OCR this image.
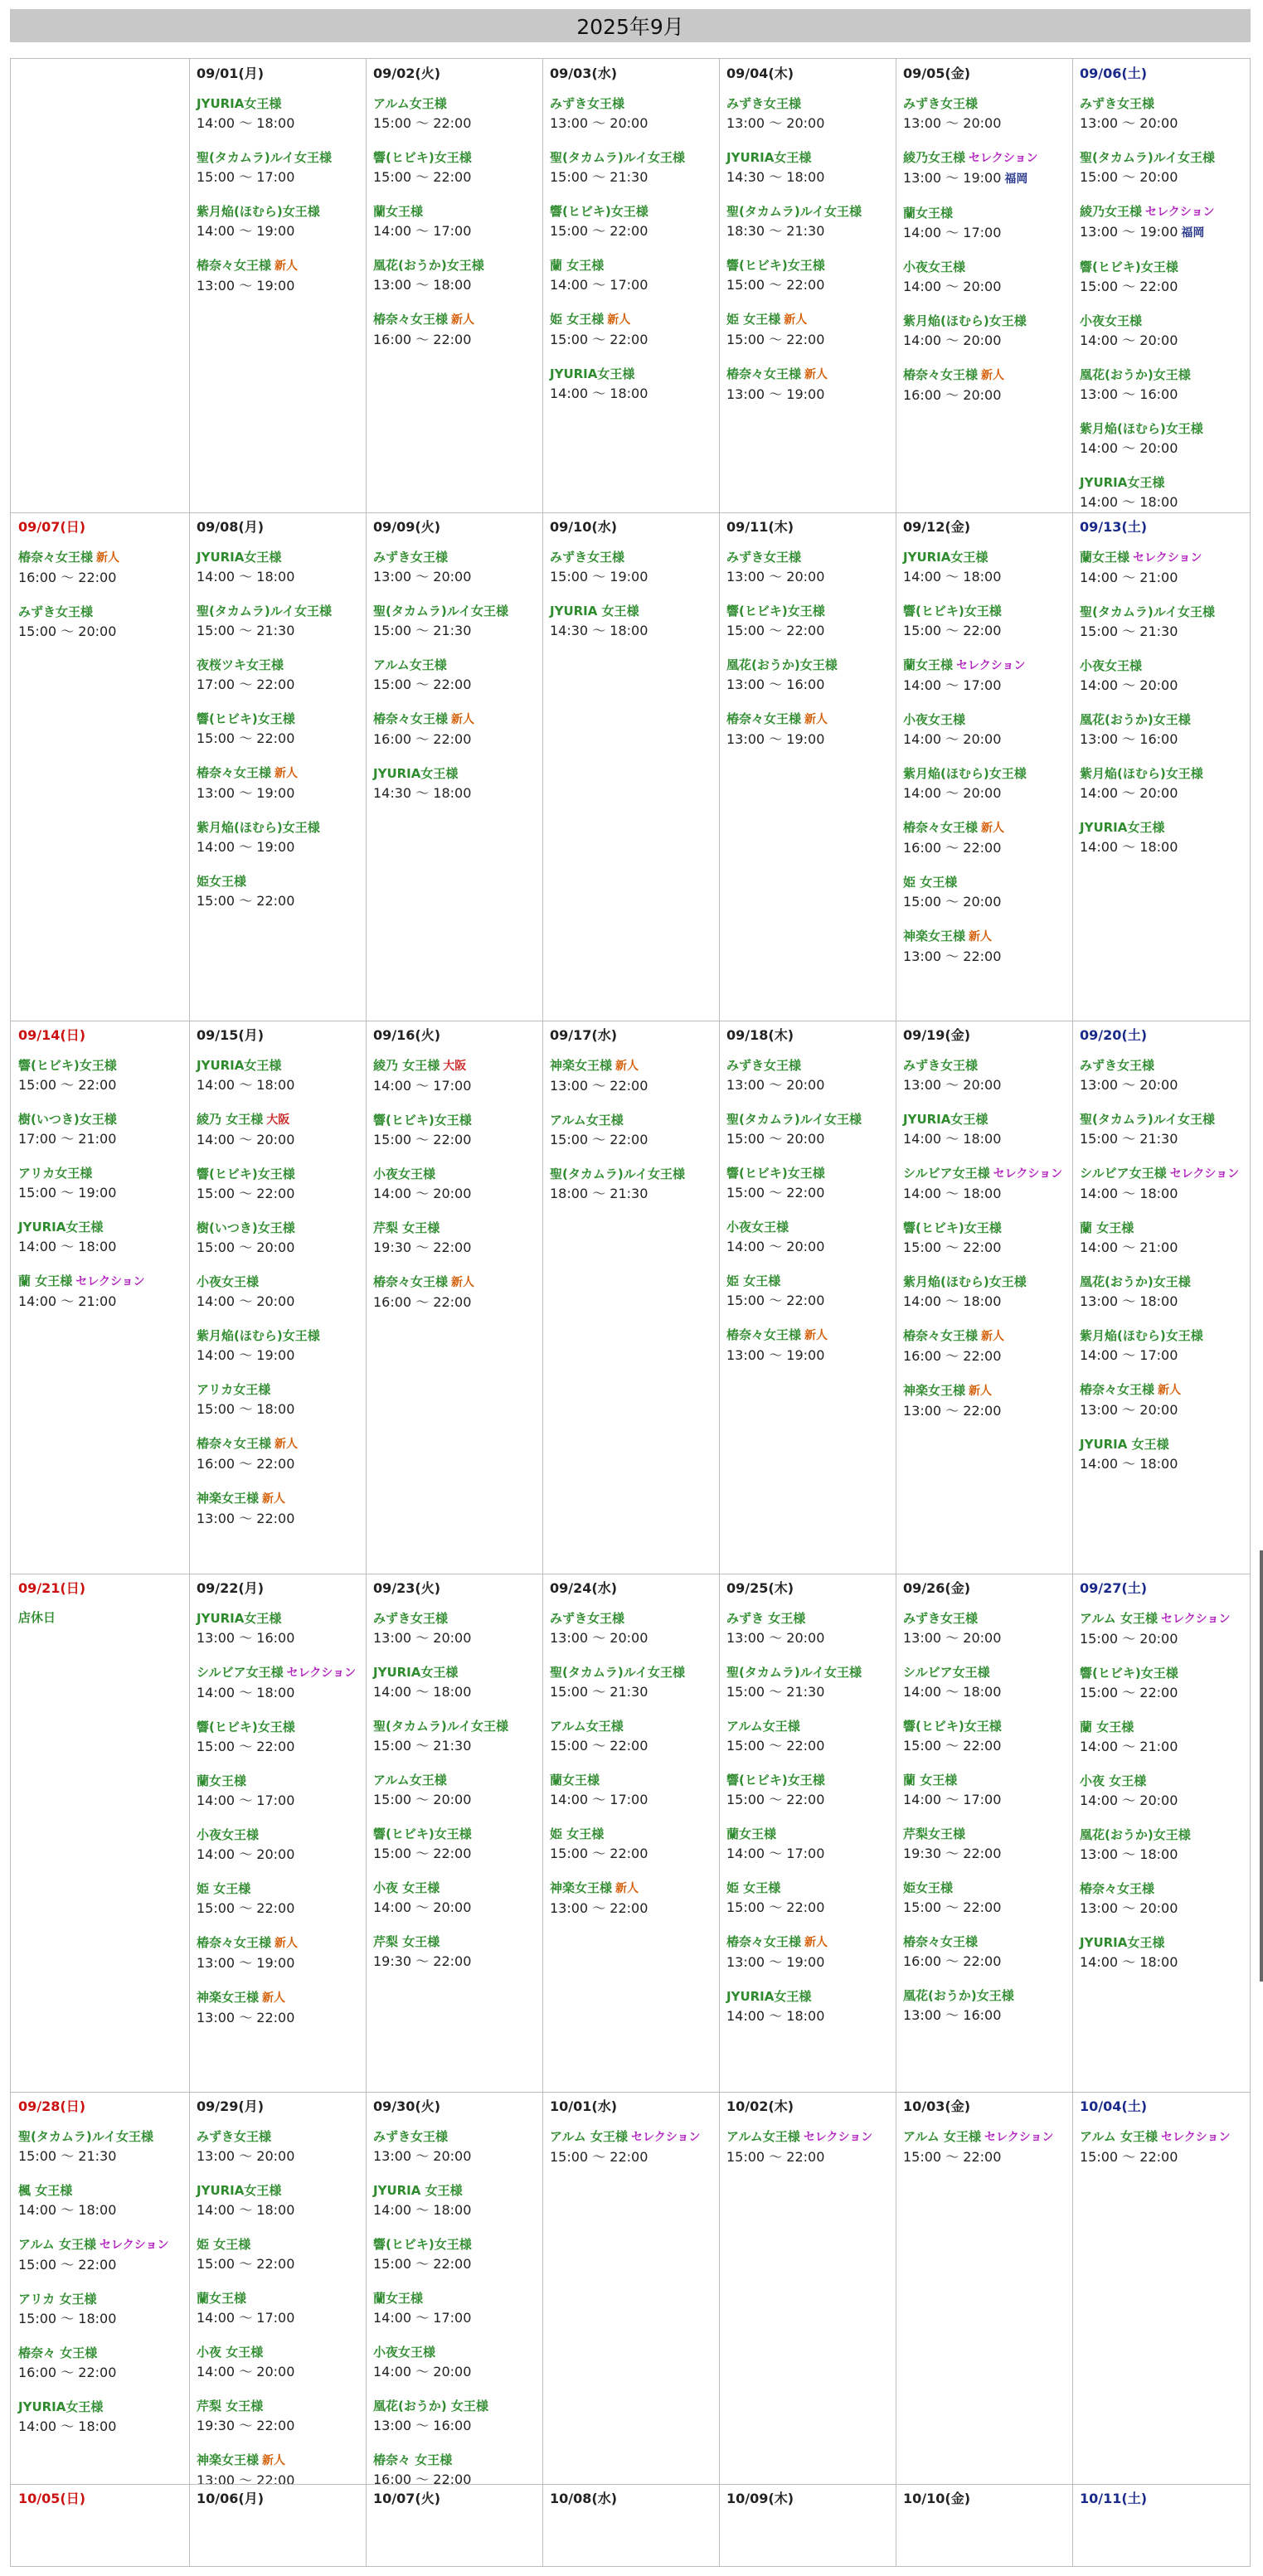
2025年9月

09/01(月)
JYURIA女王様
14:00 ～ 18:00
聖(タカムラ)ルイ女王様
15:00 ～ 17:00
紫月焔(ほむら)女王様
14:00 ～ 19:00
椿奈々女王様 新人
13:00 ～ 19:00
09/02(火)
アルム女王様
15:00 ～ 22:00
響(ヒビキ)女王様
15:00 ～ 22:00
蘭女王様
14:00 ～ 17:00
凰花(おうか)女王様
13:00 ～ 18:00
椿奈々女王様 新人
16:00 ～ 22:00
09/03(水)
みずき女王様
13:00 ～ 20:00
聖(タカムラ)ルイ女王様
15:00 ～ 21:30
響(ヒビキ)女王様
15:00 ～ 22:00
蘭 女王様
14:00 ～ 17:00
姫 女王様 新人
15:00 ～ 22:00
JYURIA女王様
14:00 ～ 18:00
09/04(木)
みずき女王様
13:00 ～ 20:00
JYURIA女王様
14:30 ～ 18:00
聖(タカムラ)ルイ女王様
18:30 ～ 21:30
響(ヒビキ)女王様
15:00 ～ 22:00
姫 女王様 新人
15:00 ～ 22:00
椿奈々女王様 新人
13:00 ～ 19:00
09/05(金)
みずき女王様
13:00 ～ 20:00
綾乃女王様 セレクション
13:00 ～ 19:00 福岡
蘭女王様
14:00 ～ 17:00
小夜女王様
14:00 ～ 20:00
紫月焔(ほむら)女王様
14:00 ～ 20:00
椿奈々女王様 新人
16:00 ～ 20:00
09/06(土)
みずき女王様
13:00 ～ 20:00
聖(タカムラ)ルイ女王様
15:00 ～ 20:00
綾乃女王様 セレクション
13:00 ～ 19:00 福岡
響(ヒビキ)女王様
15:00 ～ 22:00
小夜女王様
14:00 ～ 20:00
凰花(おうか)女王様
13:00 ～ 16:00
紫月焔(ほむら)女王様
14:00 ～ 20:00
JYURIA女王様
14:00 ～ 18:00
09/07(日)
椿奈々女王様 新人
16:00 ～ 22:00
みずき女王様
15:00 ～ 20:00
09/08(月)
JYURIA女王様
14:00 ～ 18:00
聖(タカムラ)ルイ女王様
15:00 ～ 21:30
夜桜ツキ女王様
17:00 ～ 22:00
響(ヒビキ)女王様
15:00 ～ 22:00
椿奈々女王様 新人
13:00 ～ 19:00
紫月焔(ほむら)女王様
14:00 ～ 19:00
姫女王様
15:00 ～ 22:00
09/09(火)
みずき女王様
13:00 ～ 20:00
聖(タカムラ)ルイ女王様
15:00 ～ 21:30
アルム女王様
15:00 ～ 22:00
椿奈々女王様 新人
16:00 ～ 22:00
JYURIA女王様
14:30 ～ 18:00
09/10(水)
みずき女王様
15:00 ～ 19:00
JYURIA 女王様
14:30 ～ 18:00
09/11(木)
みずき女王様
13:00 ～ 20:00
響(ヒビキ)女王様
15:00 ～ 22:00
凰花(おうか)女王様
13:00 ～ 16:00
椿奈々女王様 新人
13:00 ～ 19:00
09/12(金)
JYURIA女王様
14:00 ～ 18:00
響(ヒビキ)女王様
15:00 ～ 22:00
蘭女王様 セレクション
14:00 ～ 17:00
小夜女王様
14:00 ～ 20:00
紫月焔(ほむら)女王様
14:00 ～ 20:00
椿奈々女王様 新人
16:00 ～ 22:00
姫 女王様
15:00 ～ 20:00
神楽女王様 新人
13:00 ～ 22:00
09/13(土)
蘭女王様 セレクション
14:00 ～ 21:00
聖(タカムラ)ルイ女王様
15:00 ～ 21:30
小夜女王様
14:00 ～ 20:00
凰花(おうか)女王様
13:00 ～ 16:00
紫月焔(ほむら)女王様
14:00 ～ 20:00
JYURIA女王様
14:00 ～ 18:00
09/14(日)
響(ヒビキ)女王様
15:00 ～ 22:00
樹(いつき)女王様
17:00 ～ 21:00
アリカ女王様
15:00 ～ 19:00
JYURIA女王様
14:00 ～ 18:00
蘭 女王様 セレクション
14:00 ～ 21:00
09/15(月)
JYURIA女王様
14:00 ～ 18:00
綾乃 女王様 大阪
14:00 ～ 20:00
響(ヒビキ)女王様
15:00 ～ 22:00
樹(いつき)女王様
15:00 ～ 20:00
小夜女王様
14:00 ～ 20:00
紫月焔(ほむら)女王様
14:00 ～ 19:00
アリカ女王様
15:00 ～ 18:00
椿奈々女王様 新人
16:00 ～ 22:00
神楽女王様 新人
13:00 ～ 22:00
09/16(火)
綾乃 女王様 大阪
14:00 ～ 17:00
響(ヒビキ)女王様
15:00 ～ 22:00
小夜女王様
14:00 ～ 20:00
芹梨 女王様
19:30 ～ 22:00
椿奈々女王様 新人
16:00 ～ 22:00
09/17(水)
神楽女王様 新人
13:00 ～ 22:00
アルム女王様
15:00 ～ 22:00
聖(タカムラ)ルイ女王様
18:00 ～ 21:30
09/18(木)
みずき女王様
13:00 ～ 20:00
聖(タカムラ)ルイ女王様
15:00 ～ 20:00
響(ヒビキ)女王様
15:00 ～ 22:00
小夜女王様
14:00 ～ 20:00
姫 女王様
15:00 ～ 22:00
椿奈々女王様 新人
13:00 ～ 19:00
09/19(金)
みずき女王様
13:00 ～ 20:00
JYURIA女王様
14:00 ～ 18:00
シルビア女王様 セレクション
14:00 ～ 18:00
響(ヒビキ)女王様
15:00 ～ 22:00
紫月焔(ほむら)女王様
14:00 ～ 18:00
椿奈々女王様 新人
16:00 ～ 22:00
神楽女王様 新人
13:00 ～ 22:00
09/20(土)
みずき女王様
13:00 ～ 20:00
聖(タカムラ)ルイ女王様
15:00 ～ 21:30
シルビア女王様 セレクション
14:00 ～ 18:00
蘭 女王様
14:00 ～ 21:00
凰花(おうか)女王様
13:00 ～ 18:00
紫月焔(ほむら)女王様
14:00 ～ 17:00
椿奈々女王様 新人
13:00 ～ 20:00
JYURIA 女王様
14:00 ～ 18:00
09/21(日)
店休日
09/22(月)
JYURIA女王様
13:00 ～ 16:00
シルビア女王様 セレクション
14:00 ～ 18:00
響(ヒビキ)女王様
15:00 ～ 22:00
蘭女王様
14:00 ～ 17:00
小夜女王様
14:00 ～ 20:00
姫 女王様
15:00 ～ 22:00
椿奈々女王様 新人
13:00 ～ 19:00
神楽女王様 新人
13:00 ～ 22:00
09/23(火)
みずき女王様
13:00 ～ 20:00
JYURIA女王様
14:00 ～ 18:00
聖(タカムラ)ルイ女王様
15:00 ～ 21:30
アルム女王様
15:00 ～ 20:00
響(ヒビキ)女王様
15:00 ～ 22:00
小夜 女王様
14:00 ～ 20:00
芹梨 女王様
19:30 ～ 22:00
09/24(水)
みずき女王様
13:00 ～ 20:00
聖(タカムラ)ルイ女王様
15:00 ～ 21:30
アルム女王様
15:00 ～ 22:00
蘭女王様
14:00 ～ 17:00
姫 女王様
15:00 ～ 22:00
神楽女王様 新人
13:00 ～ 22:00
09/25(木)
みずき 女王様
13:00 ～ 20:00
聖(タカムラ)ルイ女王様
15:00 ～ 21:30
アルム女王様
15:00 ～ 22:00
響(ヒビキ)女王様
15:00 ～ 22:00
蘭女王様
14:00 ～ 17:00
姫 女王様
15:00 ～ 22:00
椿奈々女王様 新人
13:00 ～ 19:00
JYURIA女王様
14:00 ～ 18:00
09/26(金)
みずき女王様
13:00 ～ 20:00
シルビア女王様
14:00 ～ 18:00
響(ヒビキ)女王様
15:00 ～ 22:00
蘭 女王様
14:00 ～ 17:00
芹梨女王様
19:30 ～ 22:00
姫女王様
15:00 ～ 22:00
椿奈々女王様
16:00 ～ 22:00
凰花(おうか)女王様
13:00 ～ 16:00
09/27(土)
アルム 女王様 セレクション
15:00 ～ 20:00
響(ヒビキ)女王様
15:00 ～ 22:00
蘭 女王様
14:00 ～ 21:00
小夜 女王様
14:00 ～ 20:00
凰花(おうか)女王様
13:00 ～ 18:00
椿奈々女王様
13:00 ～ 20:00
JYURIA女王様
14:00 ～ 18:00
09/28(日)
聖(タカムラ)ルイ女王様
15:00 ～ 21:30
楓 女王様
14:00 ～ 18:00
アルム 女王様 セレクション
15:00 ～ 22:00
アリカ 女王様
15:00 ～ 18:00
椿奈々 女王様
16:00 ～ 22:00
JYURIA女王様
14:00 ～ 18:00
09/29(月)
みずき女王様
13:00 ～ 20:00
JYURIA女王様
14:00 ～ 18:00
姫 女王様
15:00 ～ 22:00
蘭女王様
14:00 ～ 17:00
小夜 女王様
14:00 ～ 20:00
芹梨 女王様
19:30 ～ 22:00
神楽女王様 新人
13:00 ～ 22:00
09/30(火)
みずき女王様
13:00 ～ 20:00
JYURIA 女王様
14:00 ～ 18:00
響(ヒビキ)女王様
15:00 ～ 22:00
蘭女王様
14:00 ～ 17:00
小夜女王様
14:00 ～ 20:00
凰花(おうか) 女王様
13:00 ～ 16:00
椿奈々 女王様
16:00 ～ 22:00
10/01(水)
アルム 女王様 セレクション
15:00 ～ 22:00
10/02(木)
アルム女王様 セレクション
15:00 ～ 22:00
10/03(金)
アルム 女王様 セレクション
15:00 ～ 22:00
10/04(土)
アルム 女王様 セレクション
15:00 ～ 22:00
10/05(日)	10/06(月)	10/07(火)	10/08(水)	10/09(木)	10/10(金)	10/11(土)
